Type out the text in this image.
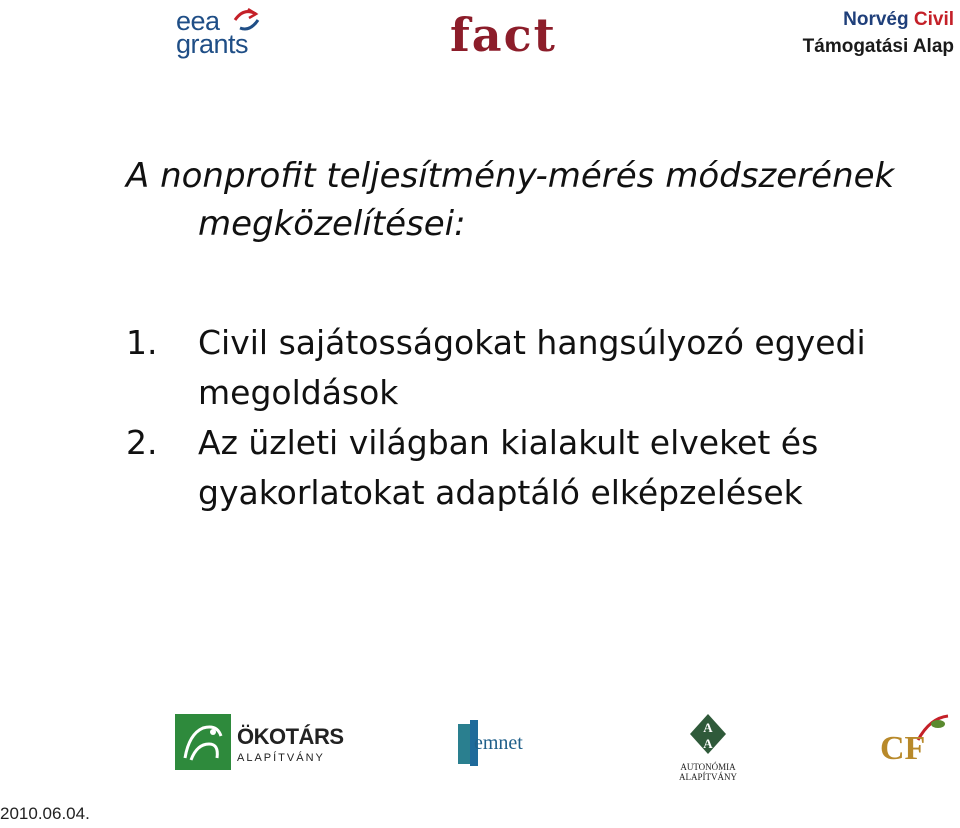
eea
grants	fact	Norvég Civil
Támogatási Alap
A nonprofit teljesítmény-mérés módszerének
megközelítései:
1.	Civil sajátosságokat hangsúlyozó egyedi megoldások
2.	Az üzleti világban kialakult elveket és gyakorlatokat adaptáló elképzelések
ÖKOTÁRS
ALAPÍTVÁNY
emnet
A
A
AUTONÓMIA
ALAPÍTVÁNY
CF
2010.06.04.
